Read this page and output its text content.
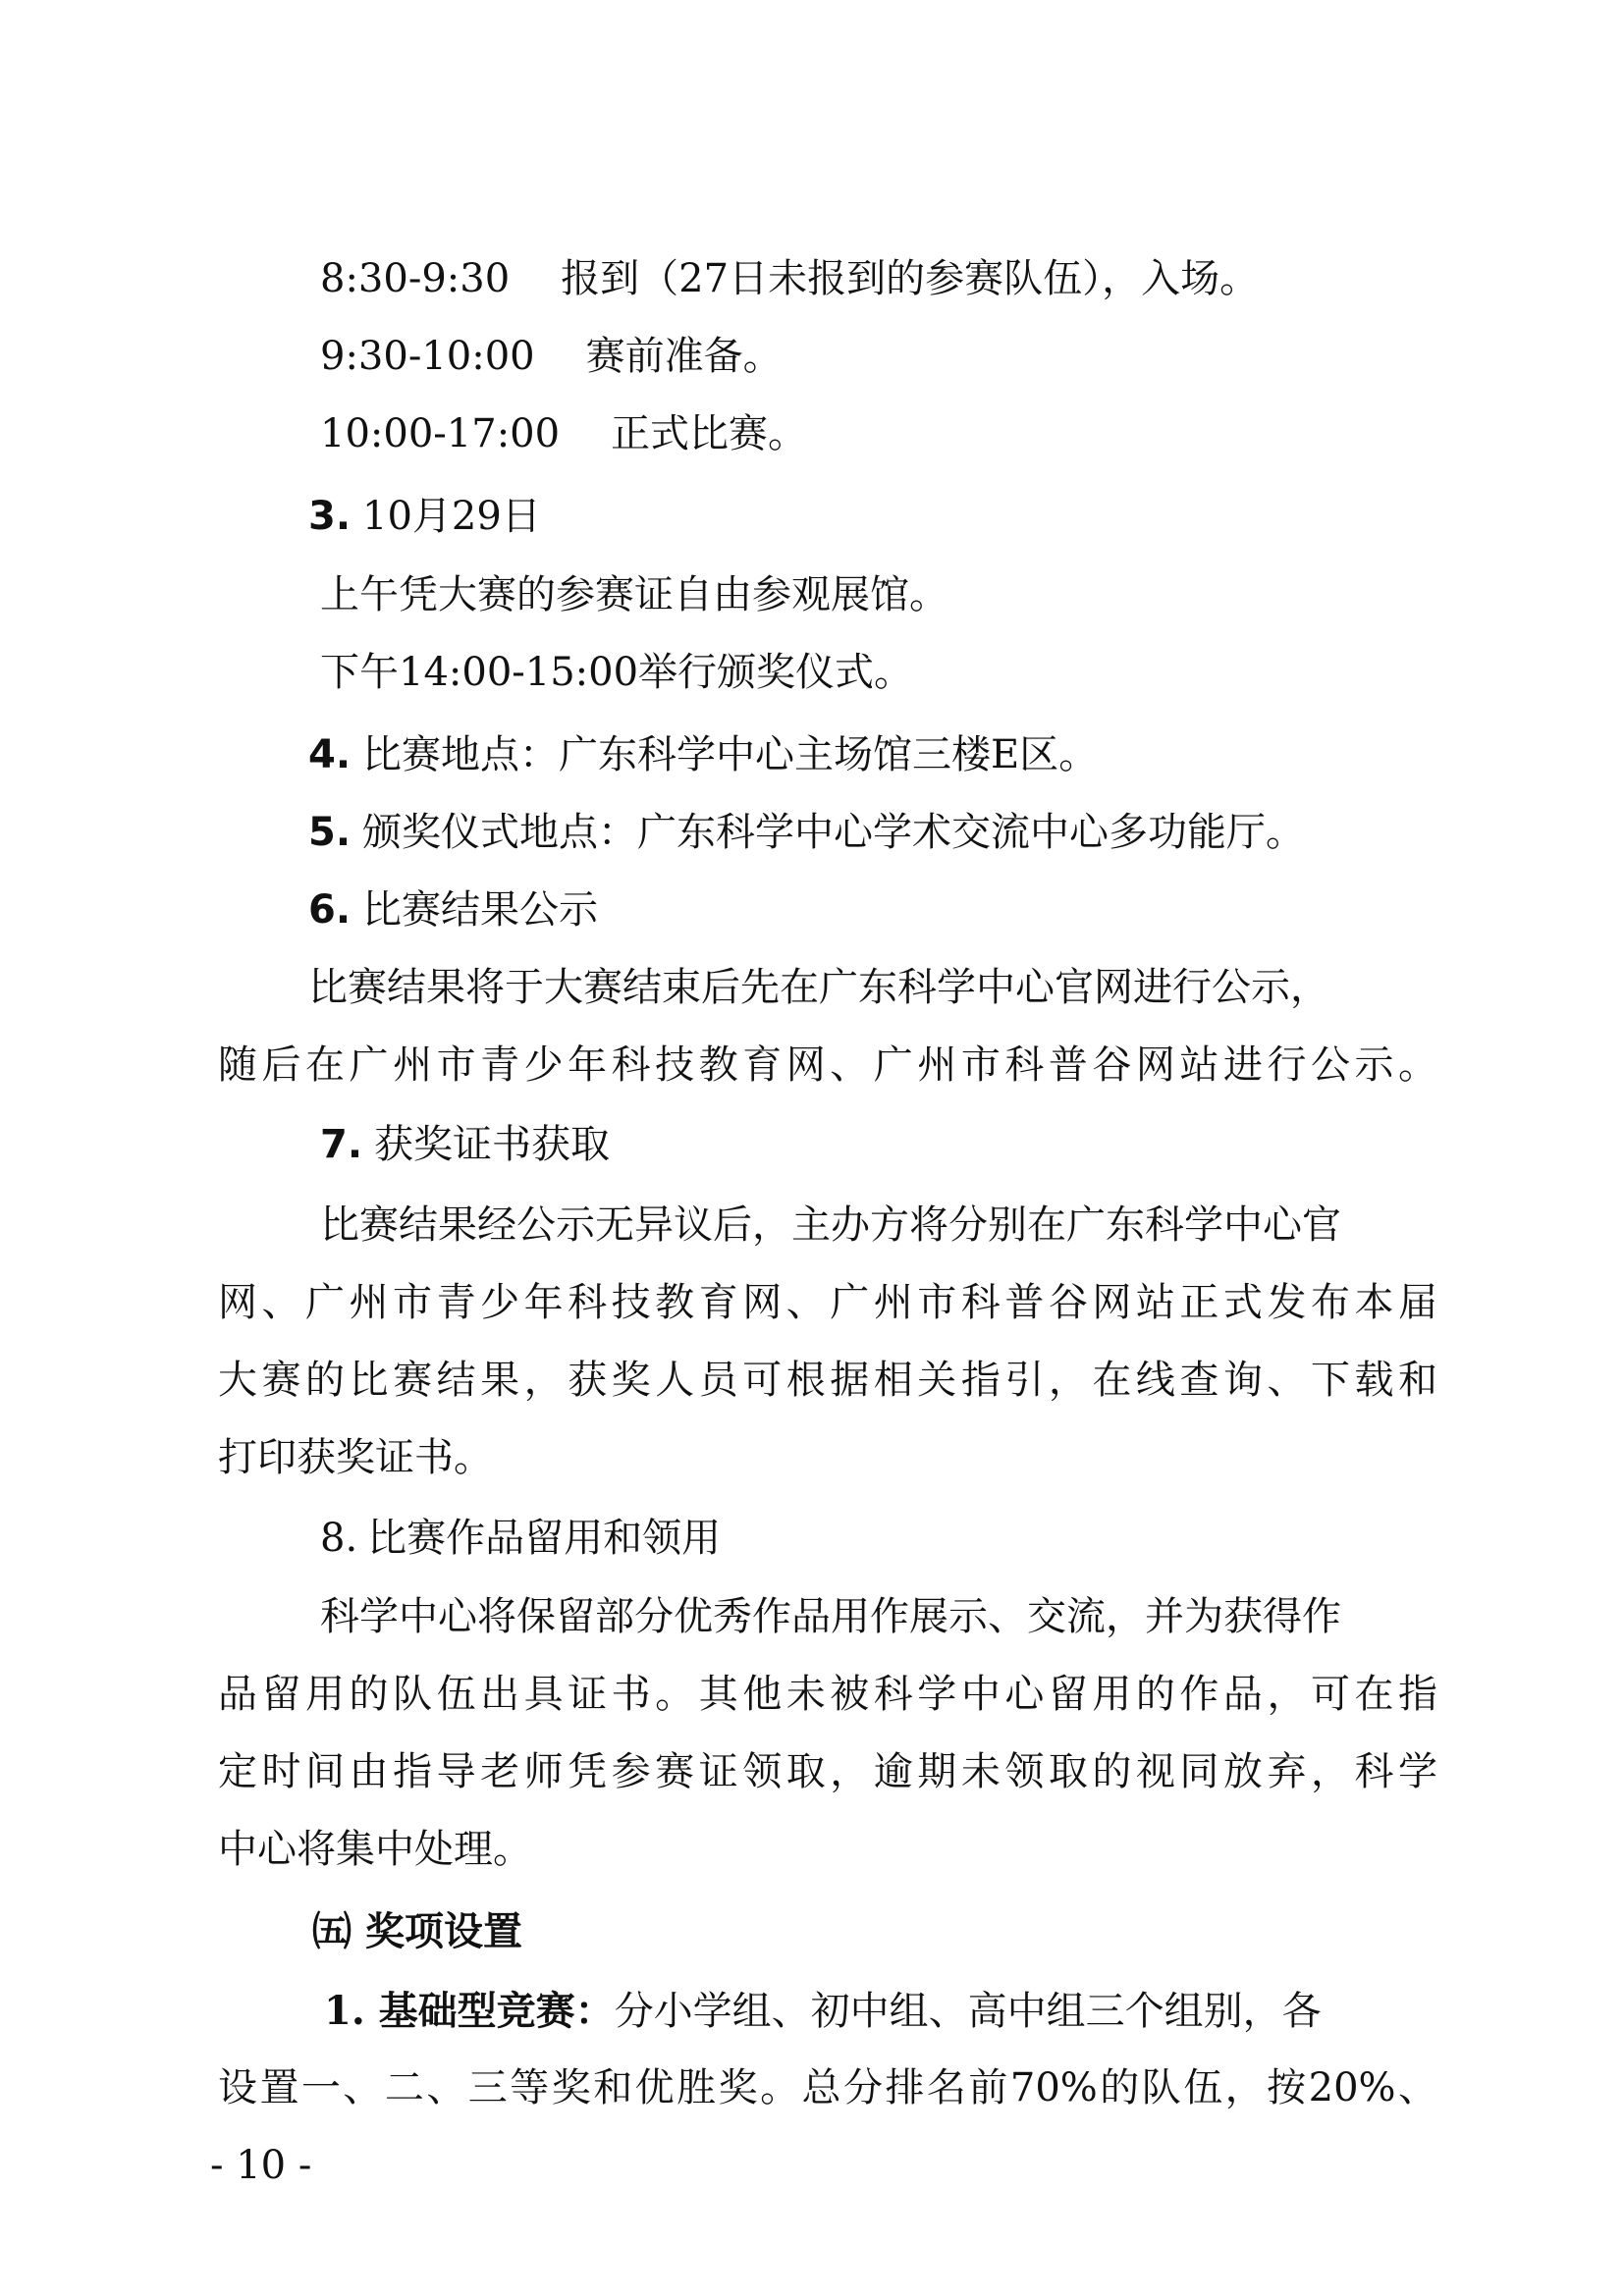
8:30-9:30 报到（27日未报到的参赛队伍），入场。

9:30-10:00 赛前准备。

10:00-17:00 正式比赛。

3. 10月29日

上午凭大赛的参赛证自由参观展馆。

下午14:00-15:00举行颁奖仪式。

4. 比赛地点：广东科学中心主场馆三楼E区。

5. 颁奖仪式地点：广东科学中心学术交流中心多功能厅。

6. 比赛结果公示

比赛结果将于大赛结束后先在广东科学中心官网进行公示，

随后在广州市青少年科技教育网、广州市科普谷网站进行公示。

7. 获奖证书获取

比赛结果经公示无异议后，主办方将分别在广东科学中心官

网、广州市青少年科技教育网、广州市科普谷网站正式发布本届

大赛的比赛结果，获奖人员可根据相关指引，在线查询、下载和

打印获奖证书。

8. 比赛作品留用和领用

科学中心将保留部分优秀作品用作展示、交流，并为获得作

品留用的队伍出具证书。其他未被科学中心留用的作品，可在指

定时间由指导老师凭参赛证领取，逾期未领取的视同放弃，科学

中心将集中处理。

㈤ 奖项设置

1. 基础型竞赛：分小学组、初中组、高中组三个组别，各

设置一、二、三等奖和优胜奖。总分排名前70%的队伍，按20%、

- 10 -
